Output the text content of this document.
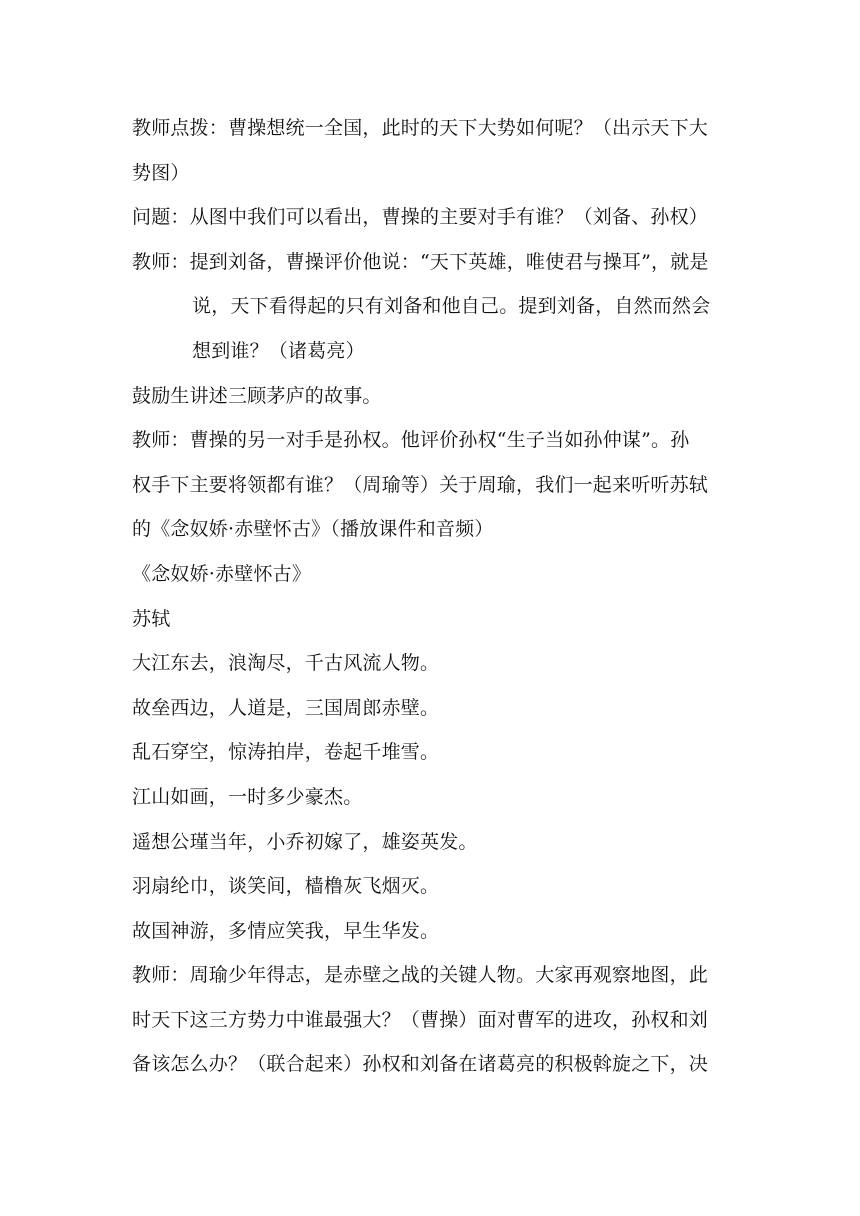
教师点拨：曹操想统一全国，此时的天下大势如何呢？（出示天下大
势图）
问题：从图中我们可以看出，曹操的主要对手有谁？（刘备、孙权）
教师：提到刘备，曹操评价他说：“天下英雄，唯使君与操耳”，就是
说，天下看得起的只有刘备和他自己。提到刘备，自然而然会
想到谁？（诸葛亮）
鼓励生讲述三顾茅庐的故事。
教师：曹操的另一对手是孙权。他评价孙权“生子当如孙仲谋”。孙
权手下主要将领都有谁？（周瑜等）关于周瑜，我们一起来听听苏轼
的《念奴娇·赤壁怀古》（播放课件和音频）
《念奴娇·赤壁怀古》
苏轼
大江东去，浪淘尽，千古风流人物。
故垒西边，人道是，三国周郎赤壁。
乱石穿空，惊涛拍岸，卷起千堆雪。
江山如画，一时多少豪杰。
遥想公瑾当年，小乔初嫁了，雄姿英发。
羽扇纶巾，谈笑间，樯橹灰飞烟灭。
故国神游，多情应笑我，早生华发。
教师：周瑜少年得志，是赤壁之战的关键人物。大家再观察地图，此
时天下这三方势力中谁最强大？（曹操）面对曹军的进攻，孙权和刘
备该怎么办？（联合起来）孙权和刘备在诸葛亮的积极斡旋之下，决
